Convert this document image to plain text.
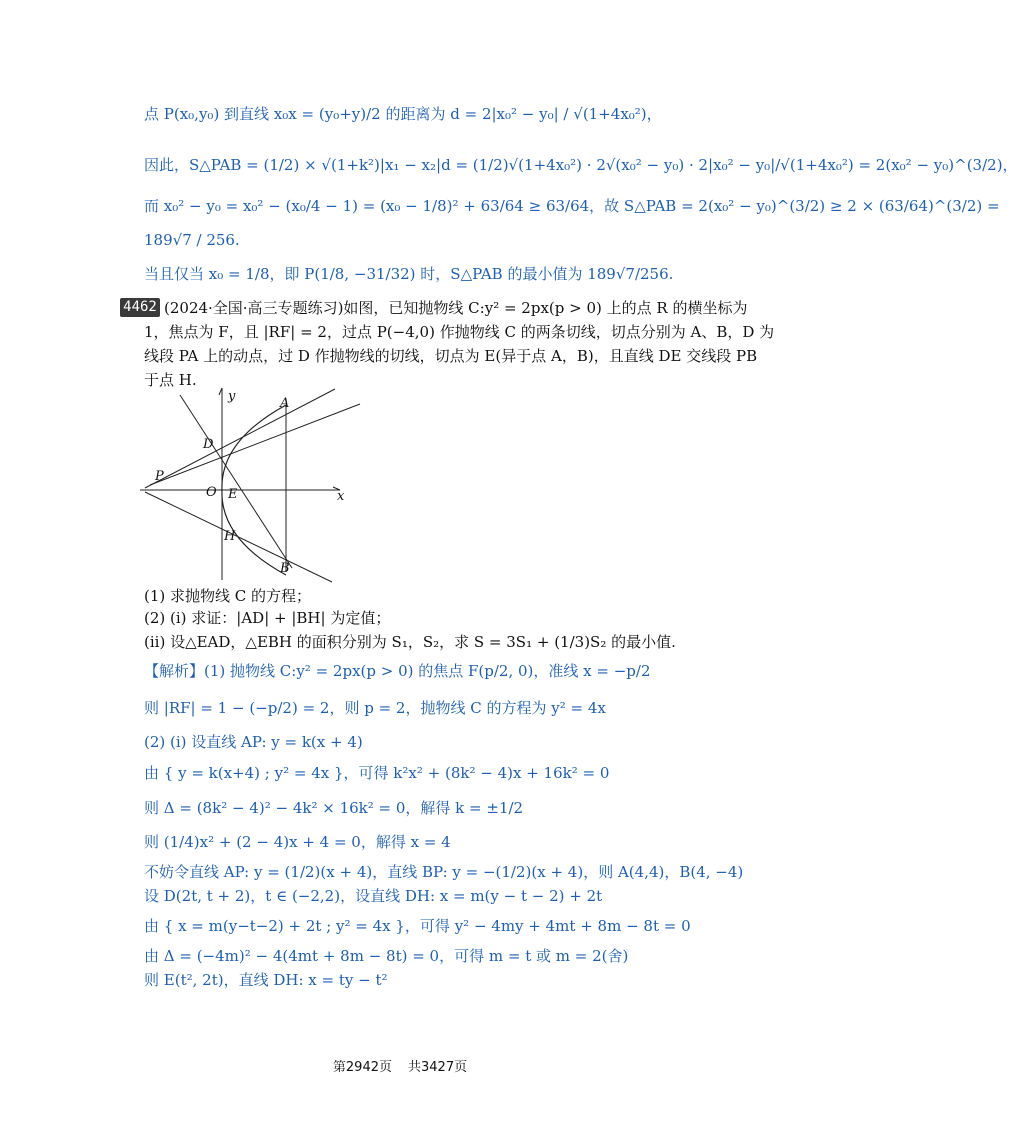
点 P(x₀,y₀) 到直线 x₀x = (y₀+y)/2 的距离为 d = 2|x₀² − y₀| / √(1+4x₀²)，
因此，S△PAB = (1/2) × √(1+k²)|x₁ − x₂|d = (1/2)√(1+4x₀²) · 2√(x₀² − y₀) · 2|x₀² − y₀|/√(1+4x₀²) = 2(x₀² − y₀)^(3/2)，
而 x₀² − y₀ = x₀² − (x₀/4 − 1) = (x₀ − 1/8)² + 63/64 ≥ 63/64，故 S△PAB = 2(x₀² − y₀)^(3/2) ≥ 2 × (63/64)^(3/2) =
189√7 / 256.
当且仅当 x₀ = 1/8，即 P(1/8, −31/32) 时，S△PAB 的最小值为 189√7/256.
4462 (2024·全国·高三专题练习)如图，已知抛物线 C:y² = 2px(p > 0) 上的点 R 的横坐标为
1，焦点为 F，且 |RF| = 2，过点 P(−4,0) 作抛物线 C 的两条切线，切点分别为 A、B，D 为
线段 PA 上的动点，过 D 作抛物线的切线，切点为 E(异于点 A，B)，且直线 DE 交线段 PB
于点 H.
y
x
A
B
D
P
O E
H
(1) 求抛物线 C 的方程；
(2) (i) 求证：|AD| + |BH| 为定值；
(ii) 设△EAD，△EBH 的面积分别为 S₁，S₂，求 S = 3S₁ + (1/3)S₂ 的最小值.
【解析】(1) 抛物线 C:y² = 2px(p > 0) 的焦点 F(p/2, 0)，准线 x = −p/2
则 |RF| = 1 − (−p/2) = 2，则 p = 2，抛物线 C 的方程为 y² = 4x
(2) (i) 设直线 AP: y = k(x + 4)
由 { y = k(x+4) ; y² = 4x }，可得 k²x² + (8k² − 4)x + 16k² = 0
则 Δ = (8k² − 4)² − 4k² × 16k² = 0，解得 k = ±1/2
则 (1/4)x² + (2 − 4)x + 4 = 0，解得 x = 4
不妨令直线 AP: y = (1/2)(x + 4)，直线 BP: y = −(1/2)(x + 4)，则 A(4,4)，B(4, −4)
设 D(2t, t + 2)，t ∈ (−2,2)，设直线 DH: x = m(y − t − 2) + 2t
由 { x = m(y−t−2) + 2t ; y² = 4x }，可得 y² − 4my + 4mt + 8m − 8t = 0
由 Δ = (−4m)² − 4(4mt + 8m − 8t) = 0，可得 m = t 或 m = 2(舍)
则 E(t², 2t)，直线 DH: x = ty − t²
第2942页 共3427页
